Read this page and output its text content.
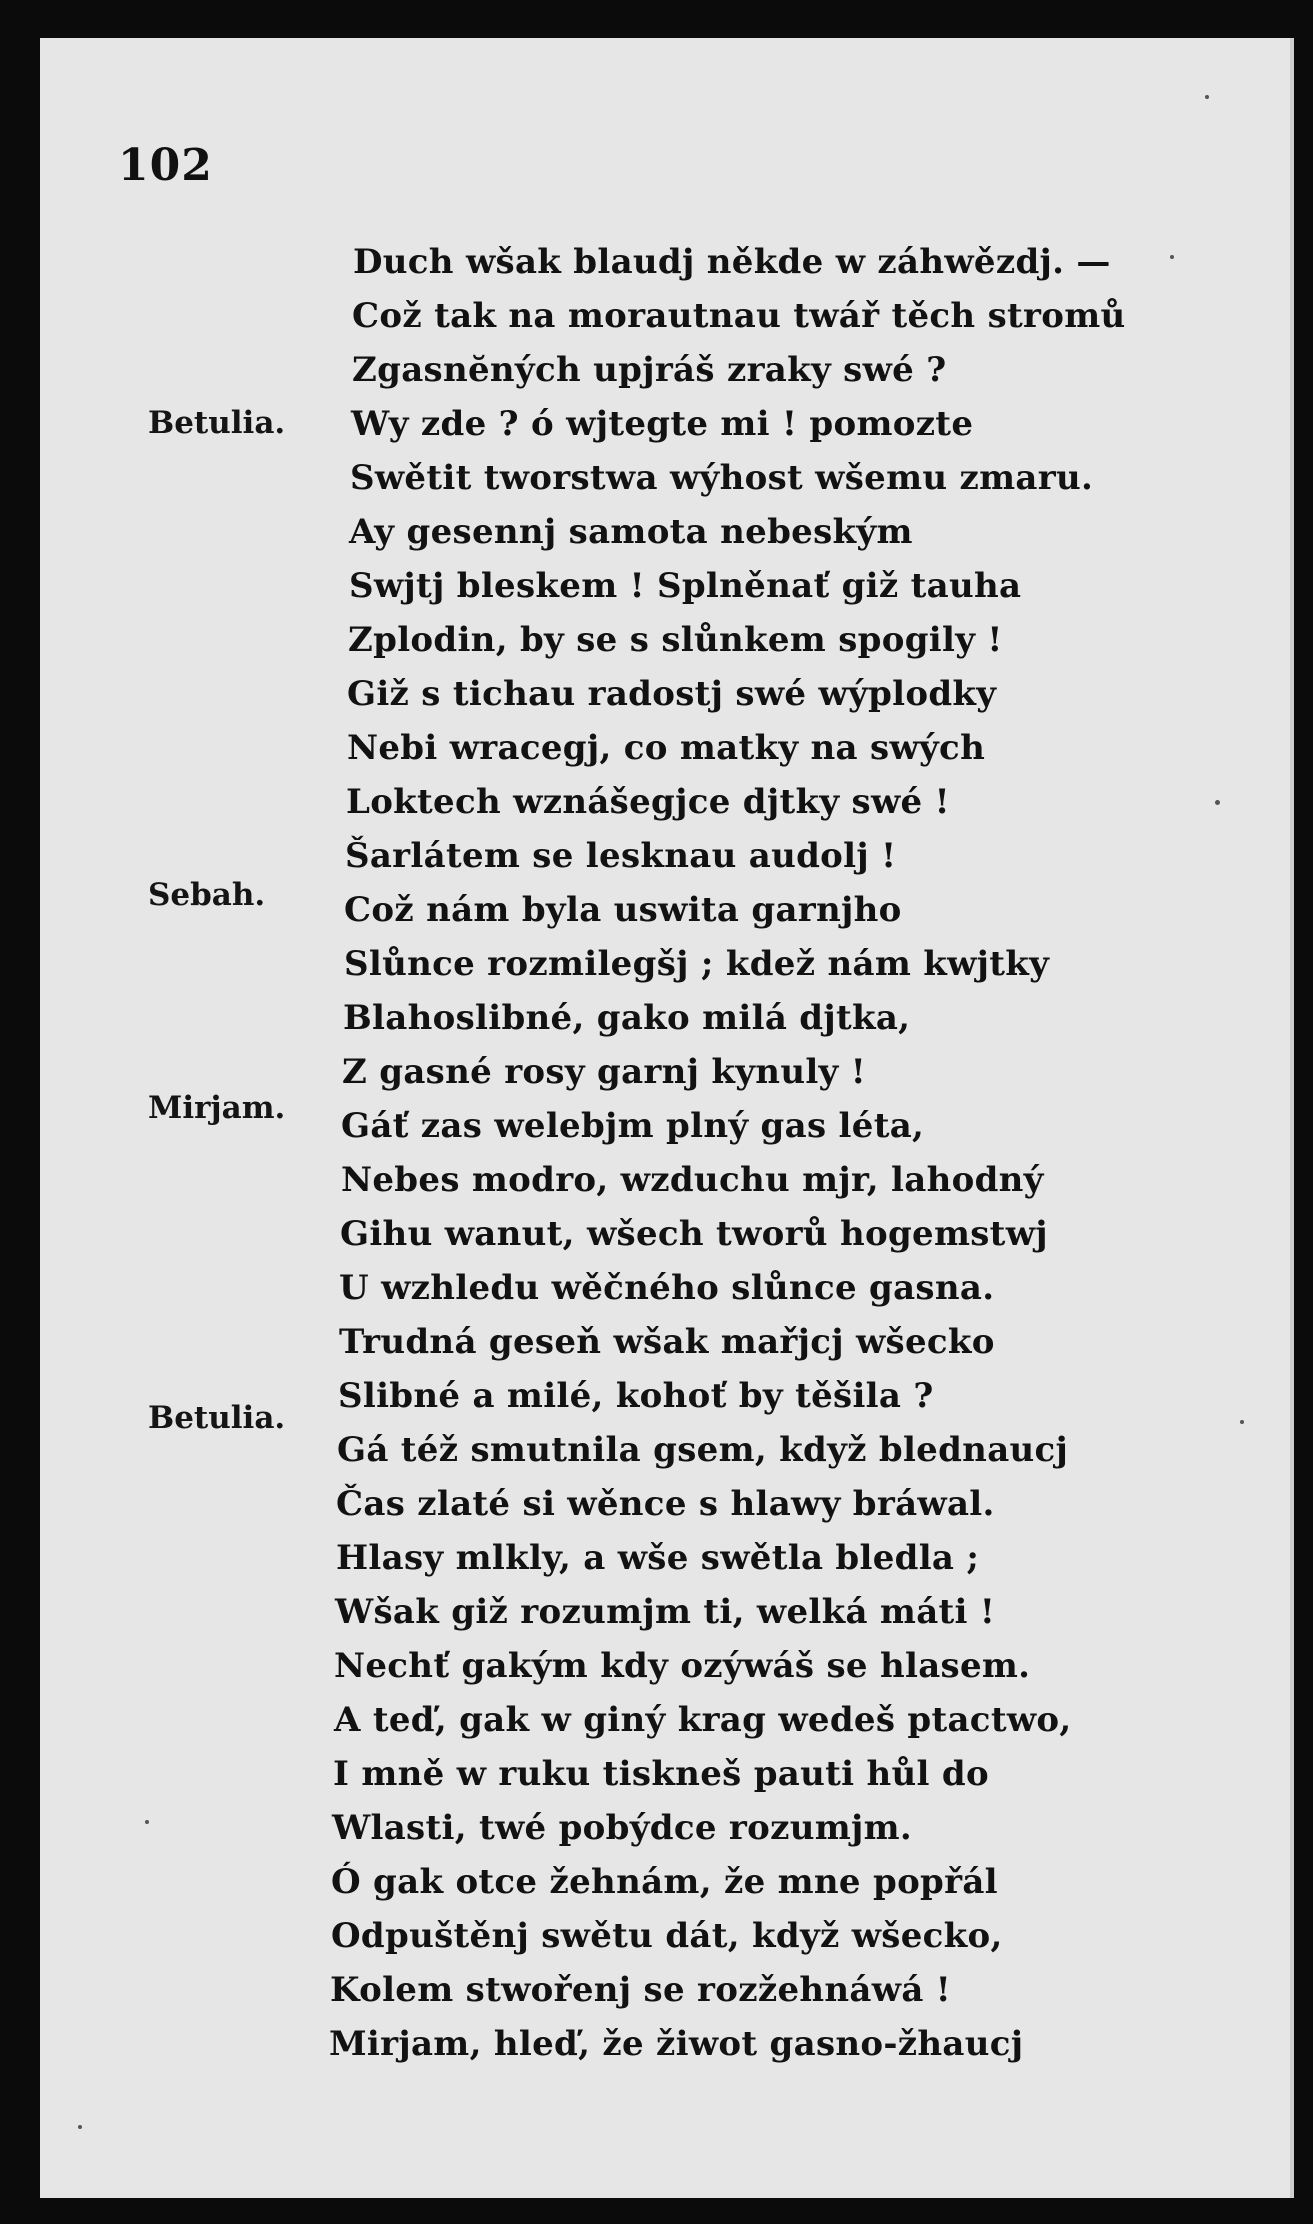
102
Betulia.
Sebah.
Mirjam.
Betulia.
Duch wšak blaudj někde w záhwězdj. —
Což tak na morautnau twář těch stromů
Zgasnĕných upjráš zraky swé ?
Wy zde ? ó wjtegte mi ! pomozte
Swětit tworstwa wýhost wšemu zmaru.
Ay gesennj samota nebeským
Swjtj bleskem ! Splněnať giž tauha
Zplodin, by se s slůnkem spogily !
Giž s tichau radostj swé wýplodky
Nebi wracegj, co matky na swých
Loktech wznášegjce djtky swé !
Šarlátem se lesknau audolj !
Což nám byla uswita garnjho
Slůnce rozmilegšj ; kdež nám kwjtky
Blahoslibné, gako milá djtka,
Z gasné rosy garnj kynuly !
Gáť zas welebjm plný gas léta,
Nebes modro, wzduchu mjr, lahodný
Gihu wanut, wšech tworů hogemstwj
U wzhledu wěčného slůnce gasna.
Trudná geseň wšak mařjcj wšecko
Slibné a milé, kohoť by těšila ?
Gá též smutnila gsem, když blednaucj
Čas zlaté si wěnce s hlawy bráwal.
Hlasy mlkly, a wše swětla bledla ;
Wšak giž rozumjm ti, welká máti !
Nechť gakým kdy ozýwáš se hlasem.
A teď, gak w giný krag wedeš ptactwo,
I mně w ruku tiskneš pauti hůl do
Wlasti, twé pobýdce rozumjm.
Ó gak otce žehnám, že mne popřál
Odpuštěnj swětu dát, když wšecko,
Kolem stwořenj se rozžehnáwá !
Mirjam, hleď, že žiwot gasno-žhaucj
